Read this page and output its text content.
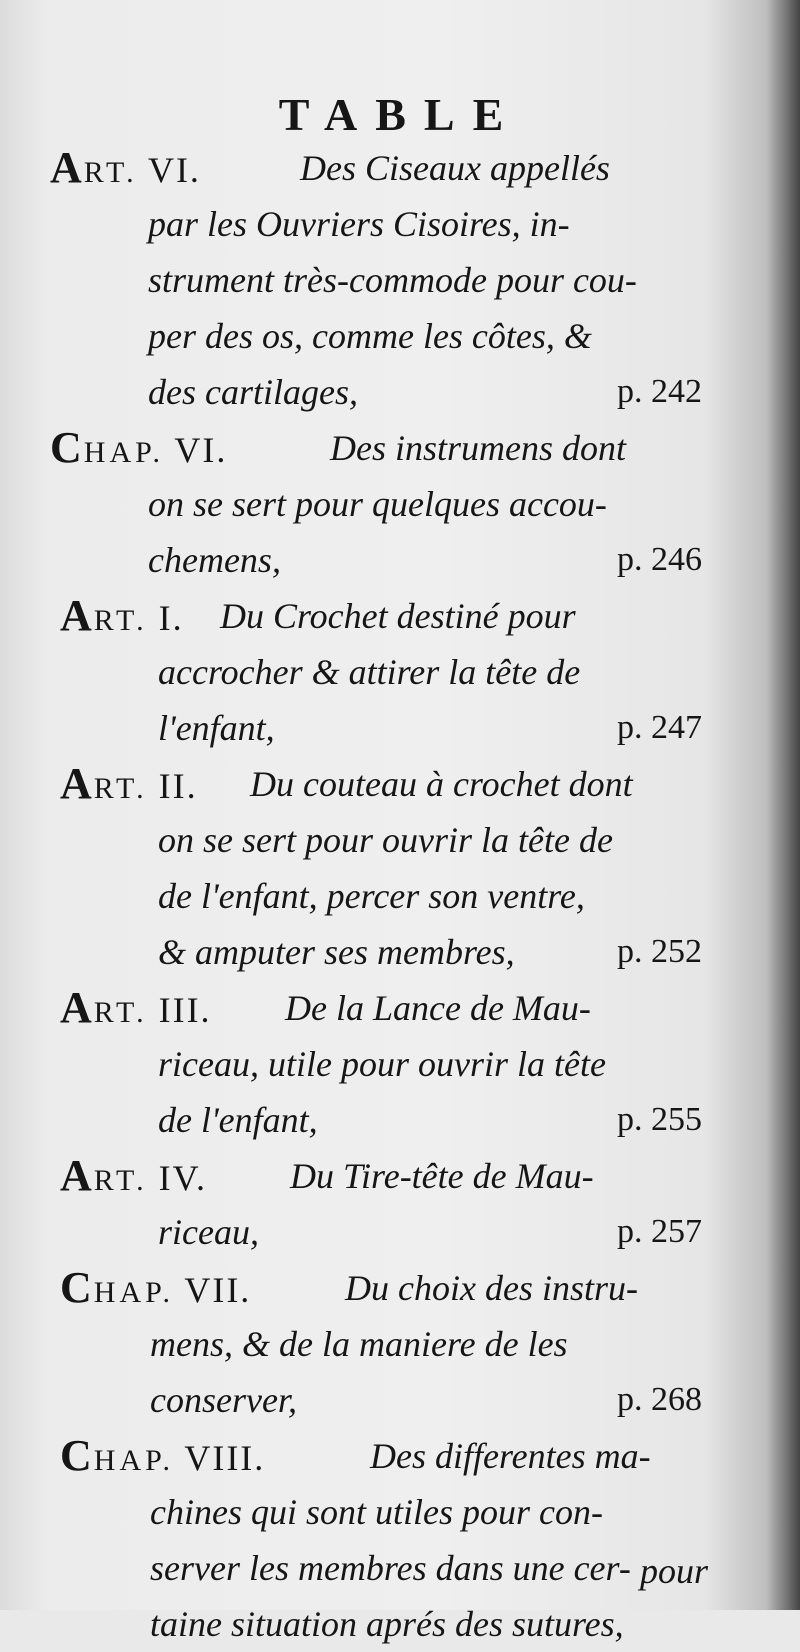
TABLE
ART. VI.	Des Ciseaux appellés
par les Ouvriers Cisoires, in-
strument très-commode pour cou-
per des os, comme les côtes, &
des cartilages,	p. 242
CHAP. VI.	Des instrumens dont
on se sert pour quelques accou-
chemens,	p. 246
ART. I. Du Crochet destiné pour
accrocher & attirer la tête de
l'enfant,	p. 247
ART. II. Du couteau à crochet dont
on se sert pour ouvrir la tête de
de l'enfant, percer son ventre,
& amputer ses membres,	p. 252
ART. III. De la Lance de Mau-
riceau, utile pour ouvrir la tête
de l'enfant,	p. 255
ART. IV. Du Tire-tête de Mau-
riceau,	p. 257
CHAP. VII.	Du choix des instru-
mens, & de la maniere de les
conserver,	p. 268
CHAP. VIII.	Des differentes ma-
chines qui sont utiles pour con-
server les membres dans une cer-
taine situation aprés des sutures,
pour
